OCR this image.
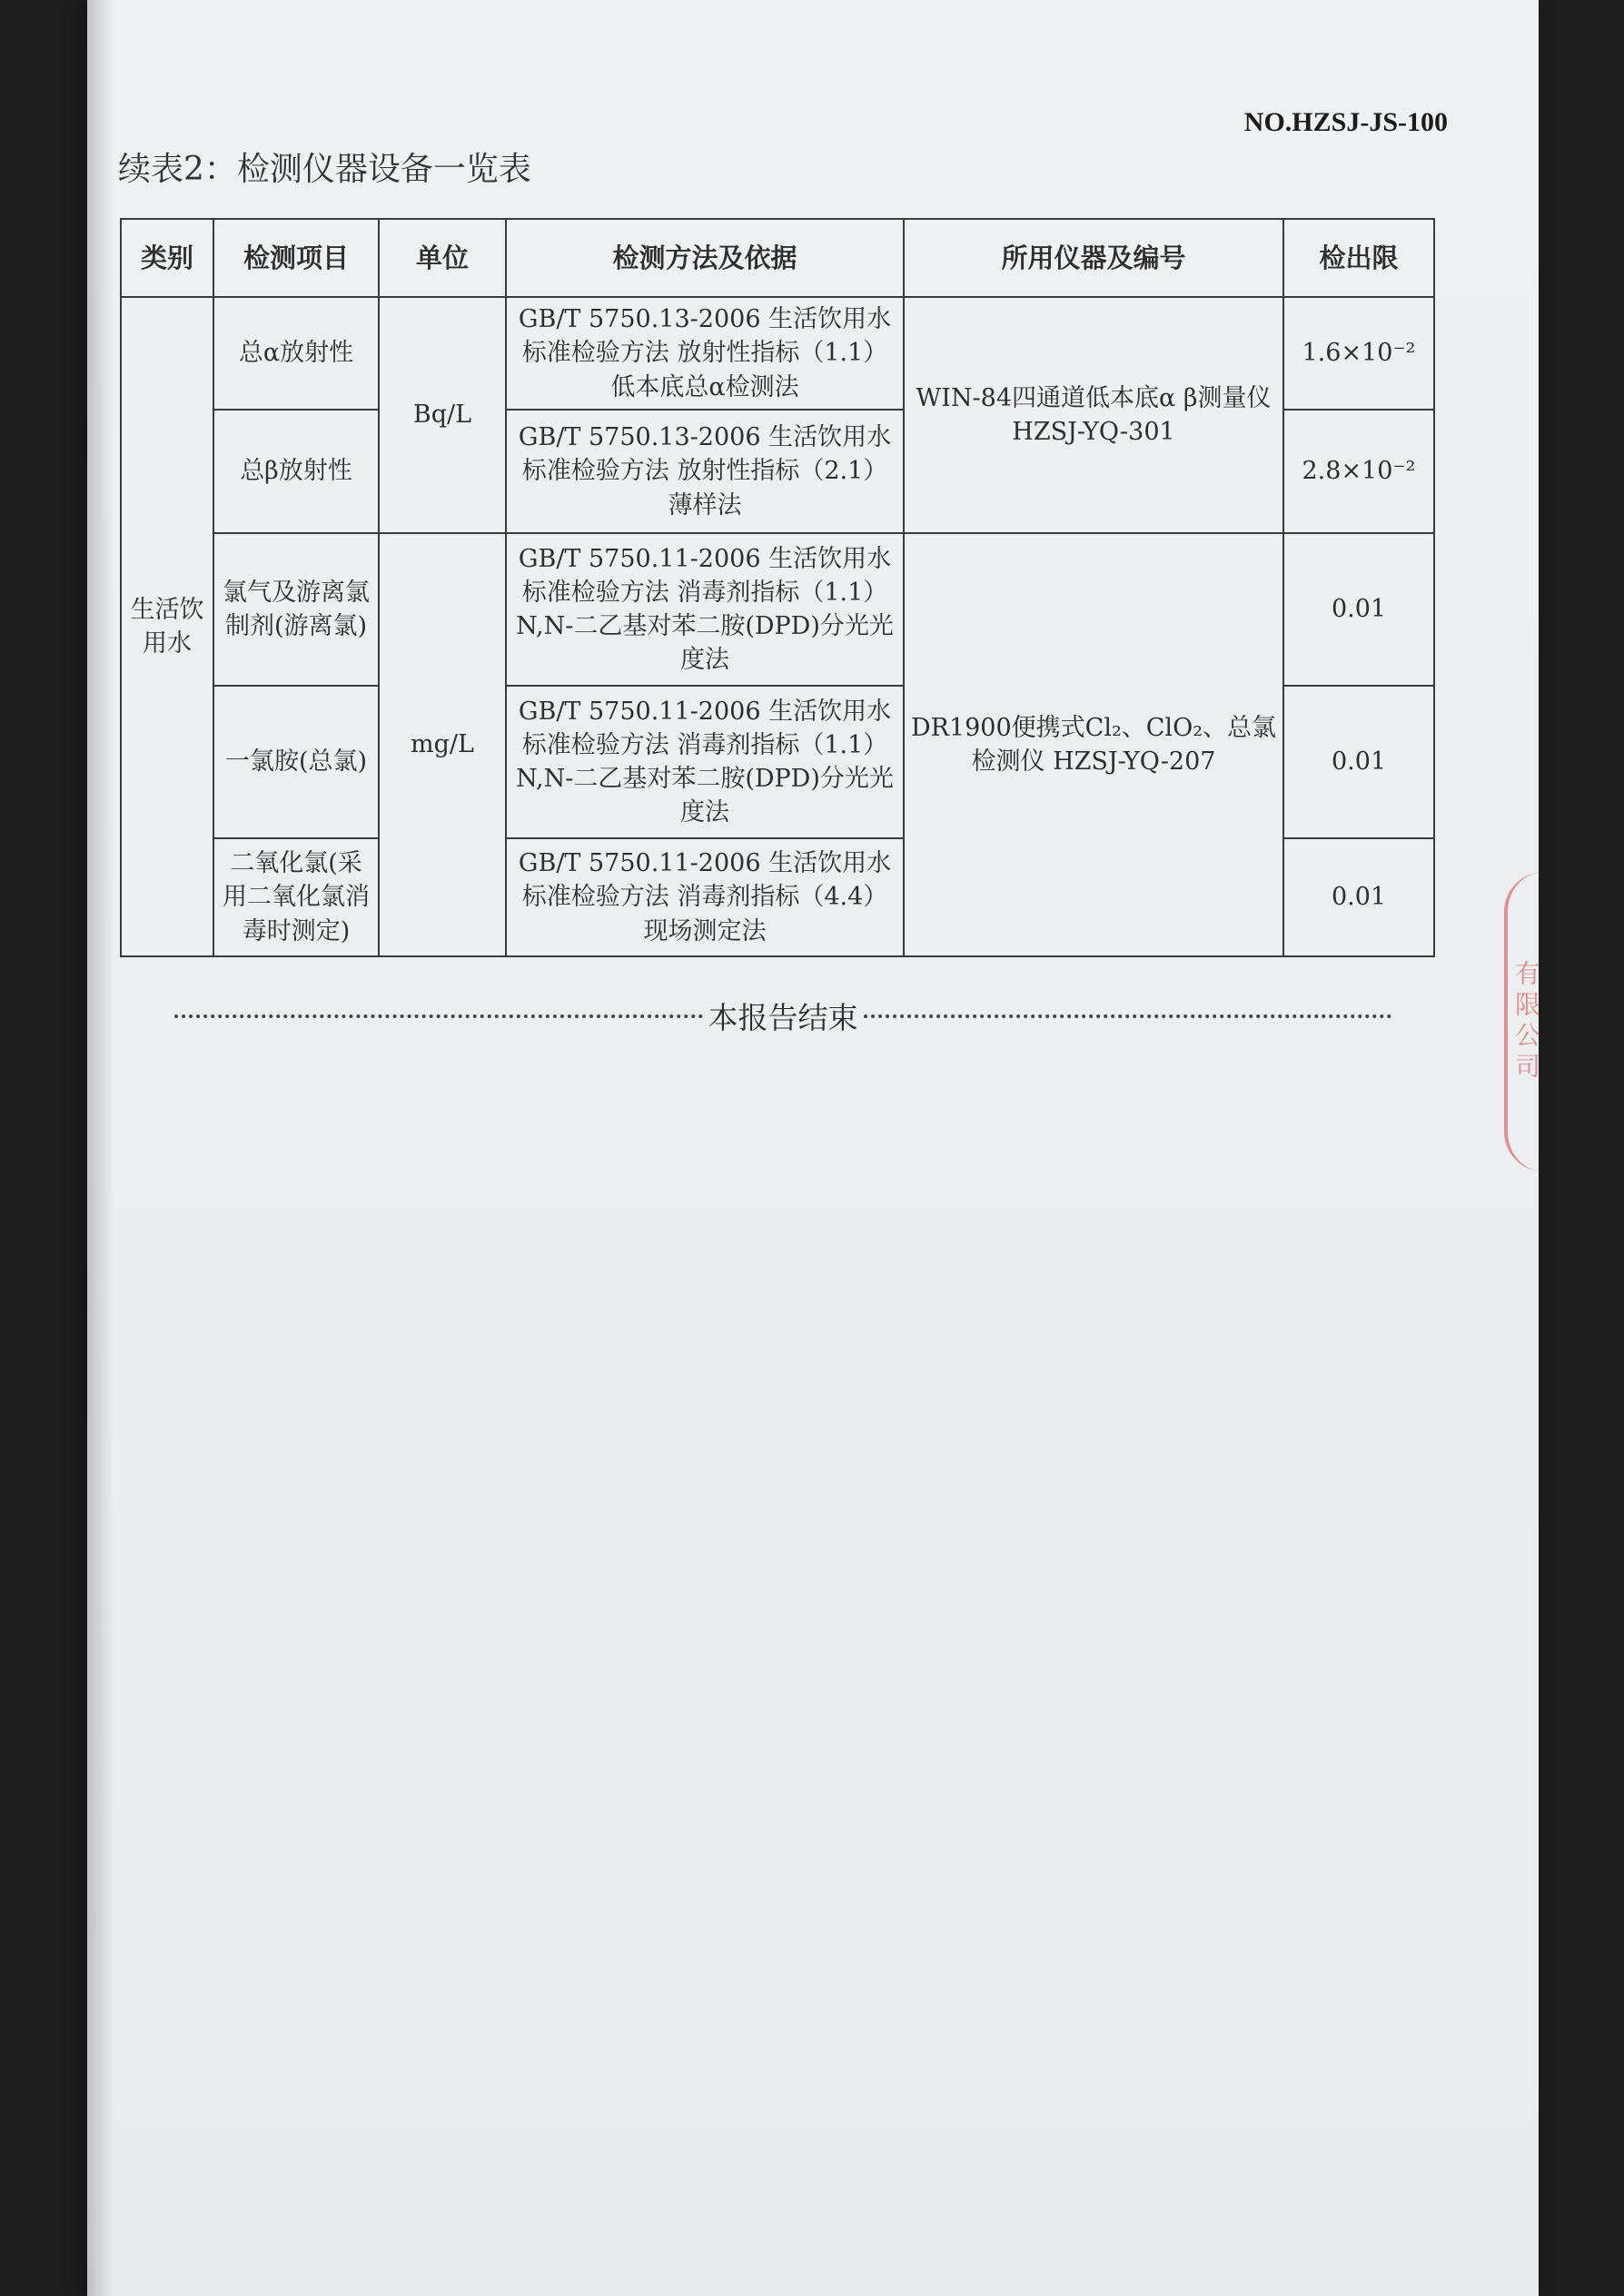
NO.HZSJ-JS-100
续表2：检测仪器设备一览表
类别	检测项目	单位	检测方法及依据	所用仪器及编号	检出限
生活饮用水	总α放射性	Bq/L	GB/T 5750.13-2006 生活饮用水标准检验方法 放射性指标（1.1）低本底总α检测法	WIN-84四通道低本底α β测量仪 HZSJ-YQ-301	1.6×10⁻²
	总β放射性		GB/T 5750.13-2006 生活饮用水标准检验方法 放射性指标（2.1）薄样法		2.8×10⁻²
	氯气及游离氯制剂(游离氯)	mg/L	GB/T 5750.11-2006 生活饮用水标准检验方法 消毒剂指标（1.1）N,N-二乙基对苯二胺(DPD)分光光度法	DR1900便携式Cl₂、ClO₂、总氯检测仪 HZSJ-YQ-207	0.01
	一氯胺(总氯)		GB/T 5750.11-2006 生活饮用水标准检验方法 消毒剂指标（1.1）N,N-二乙基对苯二胺(DPD)分光光度法		0.01
	二氧化氯(采用二氧化氯消毒时测定)		GB/T 5750.11-2006 生活饮用水标准检验方法 消毒剂指标（4.4）现场测定法		0.01
本报告结束	有限公司
